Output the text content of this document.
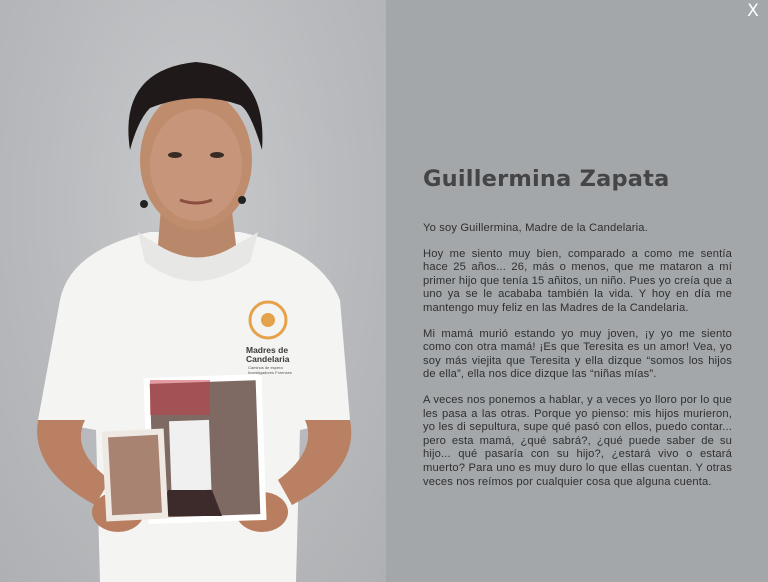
Madres de
Candelaria
Caminos de espera
Investigadores Forenses
X
Guillermina Zapata

Yo soy Guillermina, Madre de la Candelaria.

Hoy me siento muy bien, comparado a como me sentía hace 25 años... 26, más o menos, que me mataron a mí primer hijo que tenía 15 añitos, un niño. Pues yo creía que a uno ya se le acababa también la vida. Y hoy en día me mantengo muy feliz en las Madres de la Candelaria.

Mi mamá murió estando yo muy joven, ¡y yo me siento como con otra mamá! ¡Es que Teresita es un amor! Vea, yo soy más viejita que Teresita y ella dizque “somos los hijos de ella”, ella nos dice dizque las “niñas mías”.

A veces nos ponemos a hablar, y a veces yo lloro por lo que les pasa a las otras. Porque yo pienso: mis hijos murieron, yo les di sepultura, supe qué pasó con ellos, puedo contar... pero esta mamá, ¿qué sabrá?, ¿qué puede saber de su hijo... qué pasaría con su hijo?, ¿estará vivo o estará muerto? Para uno es muy duro lo que ellas cuentan. Y otras veces nos reímos por cualquier cosa que alguna cuenta.
